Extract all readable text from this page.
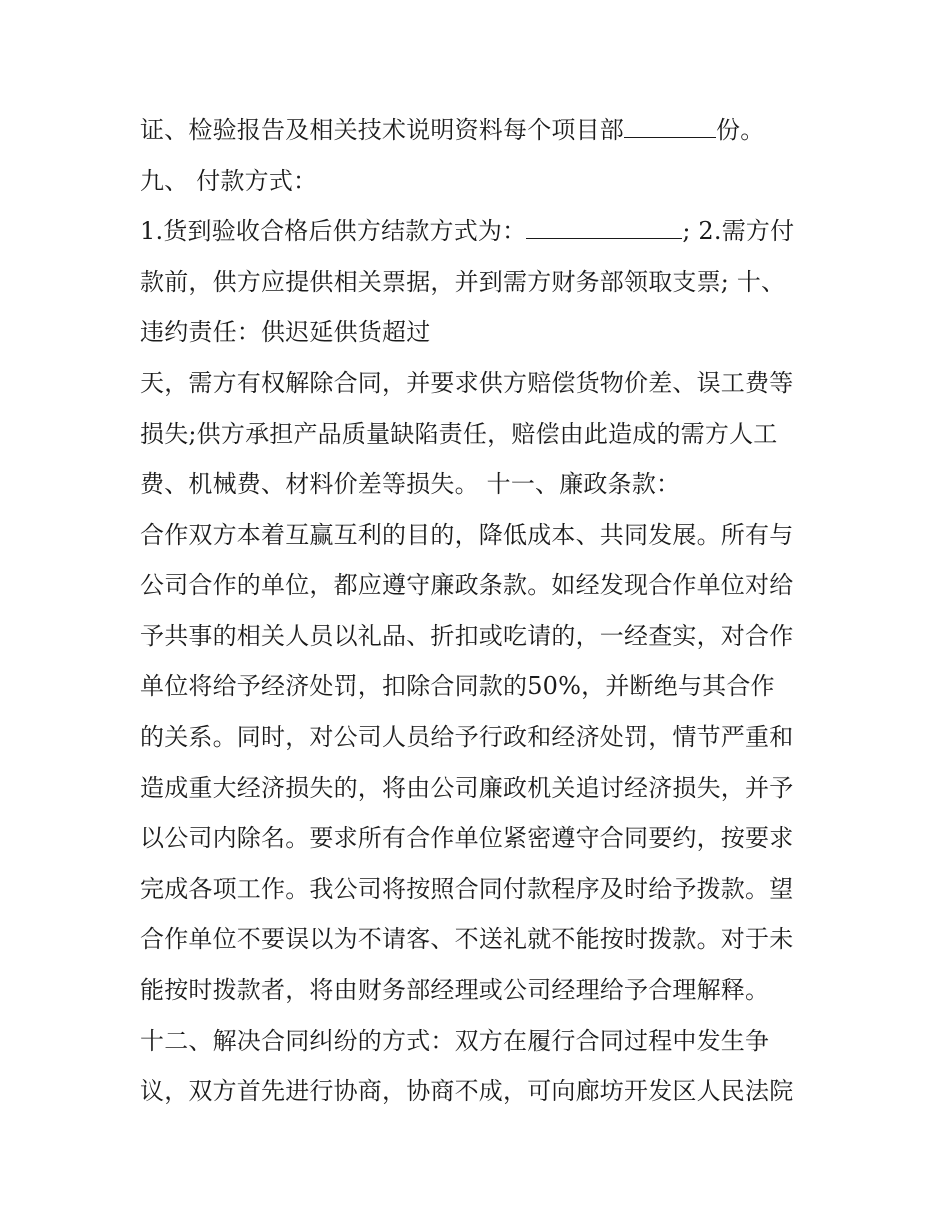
证、检验报告及相关技术说明资料每个项目部	份。
九、 付款方式：
1.货到验收合格后供方结款方式为：	; 2.需方付
款前，供方应提供相关票据，并到需方财务部领取支票; 十、
违约责任：供迟延供货超过
天，需方有权解除合同，并要求供方赔偿货物价差、误工费等
损失;供方承担产品质量缺陷责任，赔偿由此造成的需方人工
费、机械费、材料价差等损失。 十一、廉政条款：
合作双方本着互赢互利的目的，降低成本、共同发展。所有与
公司合作的单位，都应遵守廉政条款。如经发现合作单位对给
予共事的相关人员以礼品、折扣或吃请的，一经查实，对合作
单位将给予经济处罚，扣除合同款的50%，并断绝与其合作
的关系。同时，对公司人员给予行政和经济处罚，情节严重和
造成重大经济损失的，将由公司廉政机关追讨经济损失，并予
以公司内除名。要求所有合作单位紧密遵守合同要约，按要求
完成各项工作。我公司将按照合同付款程序及时给予拨款。望
合作单位不要误以为不请客、不送礼就不能按时拨款。对于未
能按时拨款者，将由财务部经理或公司经理给予合理解释。
十二、解决合同纠纷的方式：双方在履行合同过程中发生争
议，双方首先进行协商，协商不成，可向廊坊开发区人民法院
